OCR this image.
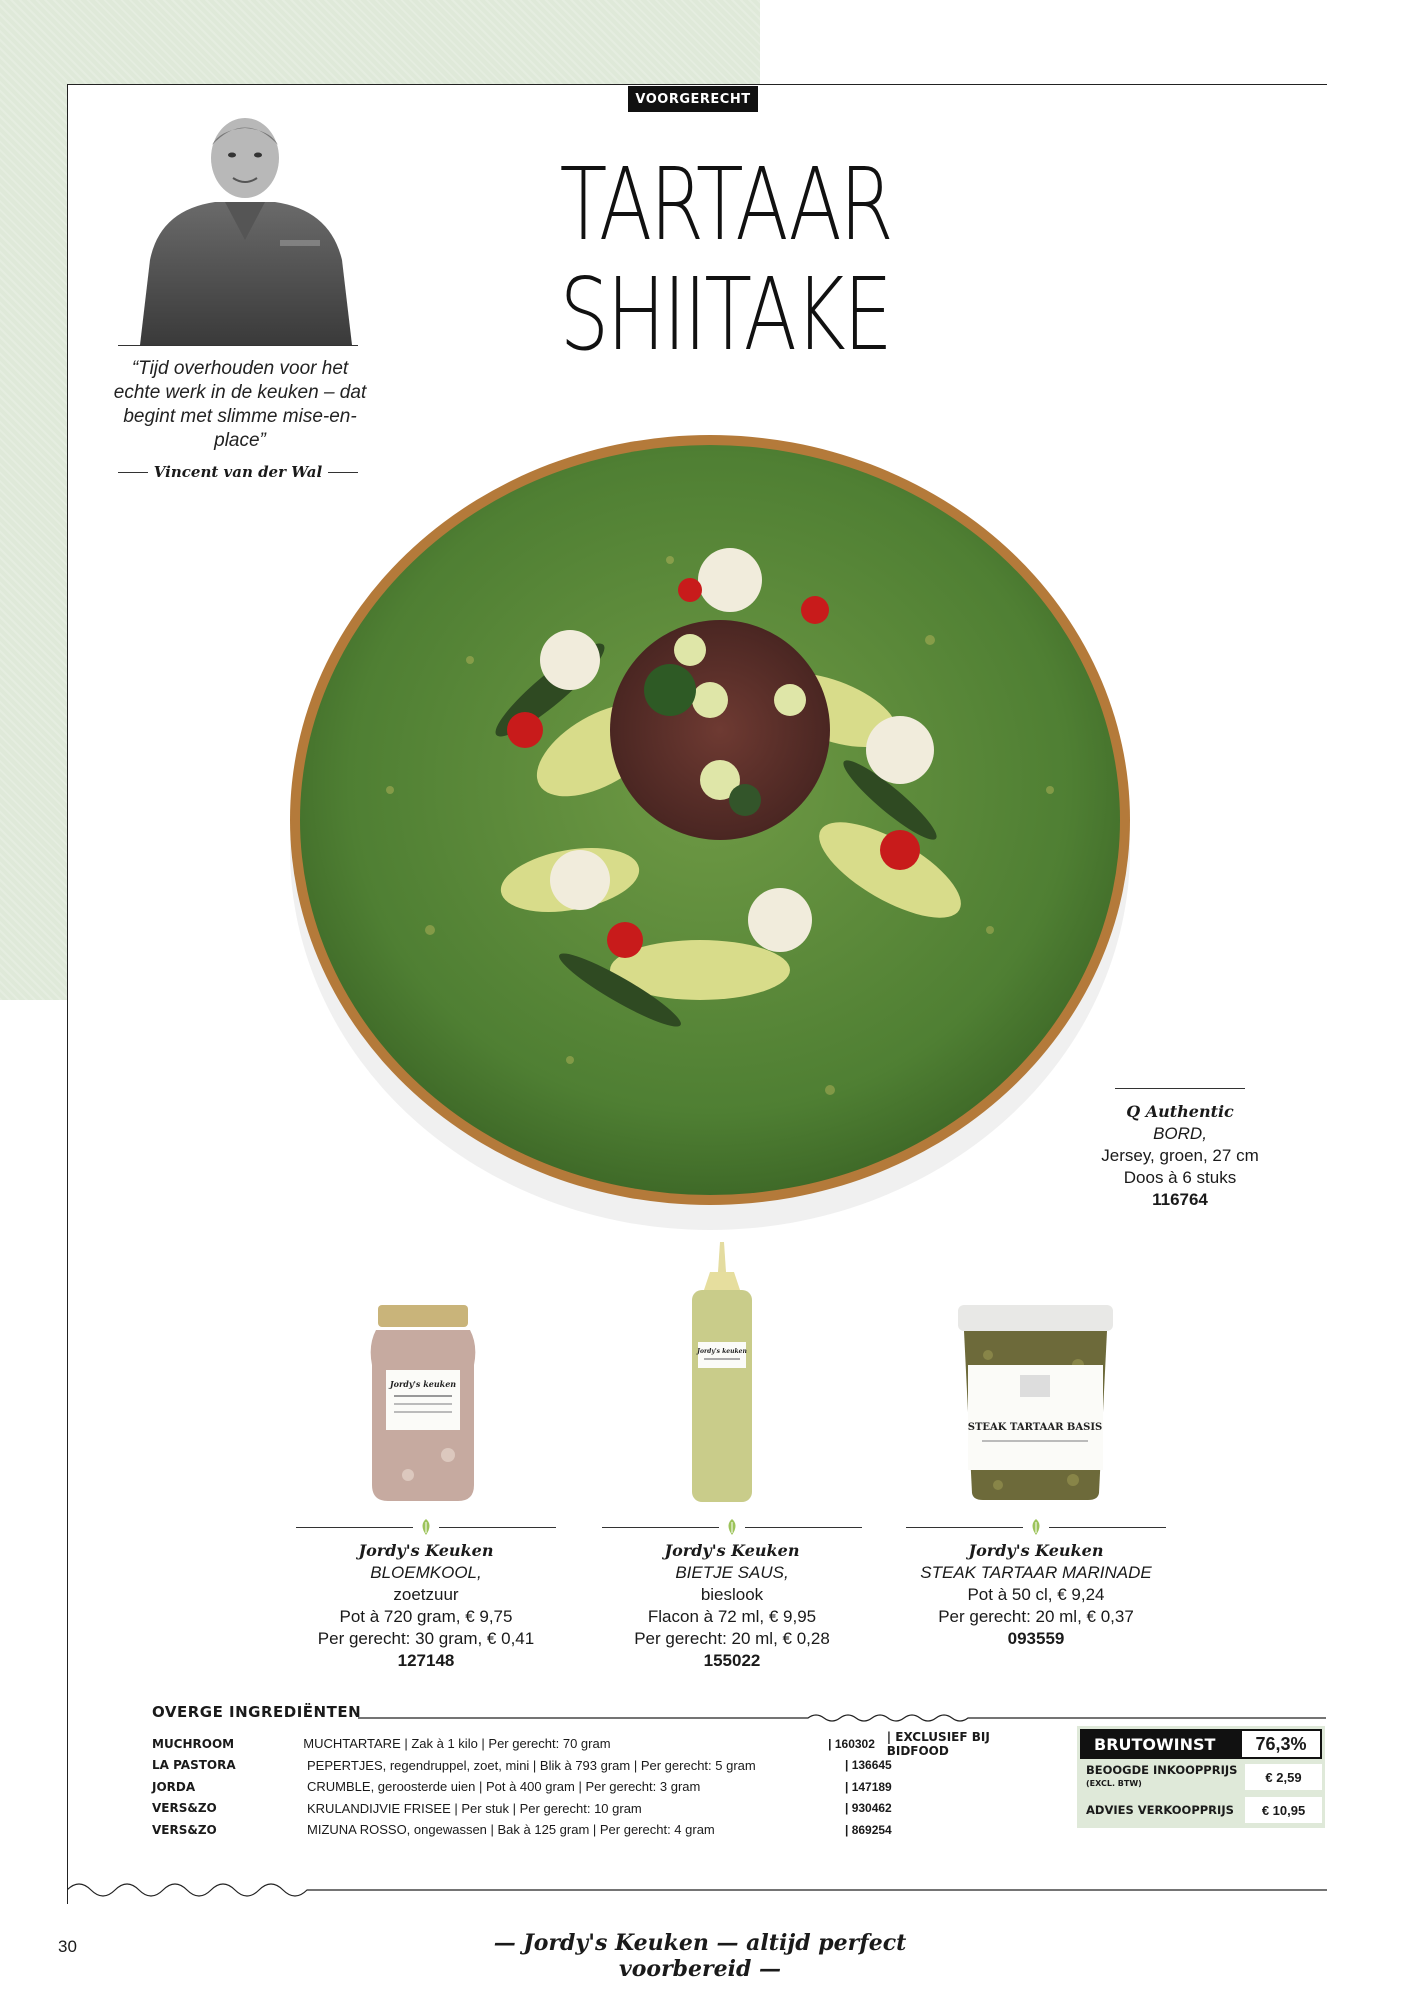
VOORGERECHT
TARTAAR
SHIITAKE
“Tijd overhouden voor het echte werk in de keuken – dat begint met slimme mise-en-place”
Vincent van der Wal
Q Authentic
BORD,
Jersey, groen, 27 cm
Doos à 6 stuks
116764
Jordy's keuken
Jordy's keuken
STEAK TARTAAR BASIS
Jordy's Keuken
BLOEMKOOL,
zoetzuur
Pot à 720 gram, € 9,75
Per gerecht: 30 gram, € 0,41
127148
Jordy's Keuken
BIETJE SAUS,
bieslook
Flacon à 72 ml, € 9,95
Per gerecht: 20 ml, € 0,28
155022
Jordy's Keuken
STEAK TARTAAR MARINADE
Pot à 50 cl, € 9,24
Per gerecht: 20 ml, € 0,37
093559
OVERGE INGREDIËNTEN
MUCHROOM	MUCHTARTARE | Zak à 1 kilo | Per gerecht: 70 gram	| 160302 | EXCLUSIEF BIJ BIDFOOD
LA PASTORA	PEPERTJES, regendruppel, zoet, mini | Blik à 793 gram | Per gerecht: 5 gram	| 136645
JORDA	CRUMBLE, geroosterde uien | Pot à 400 gram | Per gerecht: 3 gram	| 147189
VERS&ZO	KRULANDIJVIE FRISEE | Per stuk | Per gerecht: 10 gram	| 930462
VERS&ZO	MIZUNA ROSSO, ongewassen | Bak à 125 gram | Per gerecht: 4 gram	| 869254
BRUTOWINST	76,3%
BEOOGDE INKOOPPRIJS (EXCL. BTW)	€ 2,59
ADVIES VERKOOPPRIJS	€ 10,95
30	— Jordy's Keuken — altijd perfect voorbereid —
